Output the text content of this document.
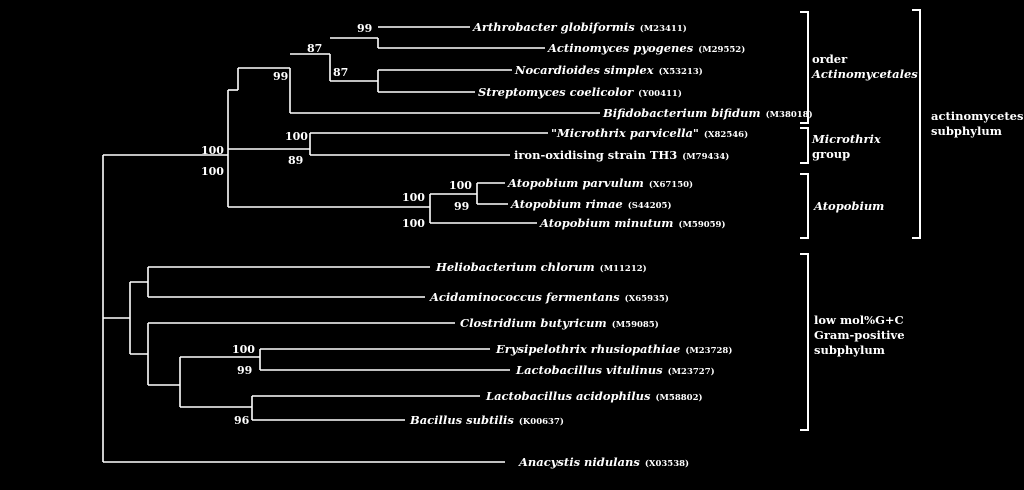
Arthrobacter globiformis (M23411)
Actinomyces pyogenes (M29552)
Nocardioides simplex (X53213)
Streptomyces coelicolor (Y00411)
Bifidobacterium bifidum (M38018)
"Microthrix parvicella" (X82546)
iron-oxidising strain TH3 (M79434)
Atopobium parvulum (X67150)
Atopobium rimae (S44205)
Atopobium minutum (M59059)
Heliobacterium chlorum (M11212)
Acidaminococcus fermentans (X65935)
Clostridium butyricum (M59085)
Erysipelothrix rhusiopathiae (M23728)
Lactobacillus vitulinus (M23727)
Lactobacillus acidophilus (M58802)
Bacillus subtilis (K00637)
Anacystis nidulans (X03538)
99
87
87
99
100
89
100
100
100
100
99
100
100
99
96
order Actinomycetales
Microthrix group
Atopobium
actinomycetes subphylum
low mol%G+C Gram-positive subphylum
